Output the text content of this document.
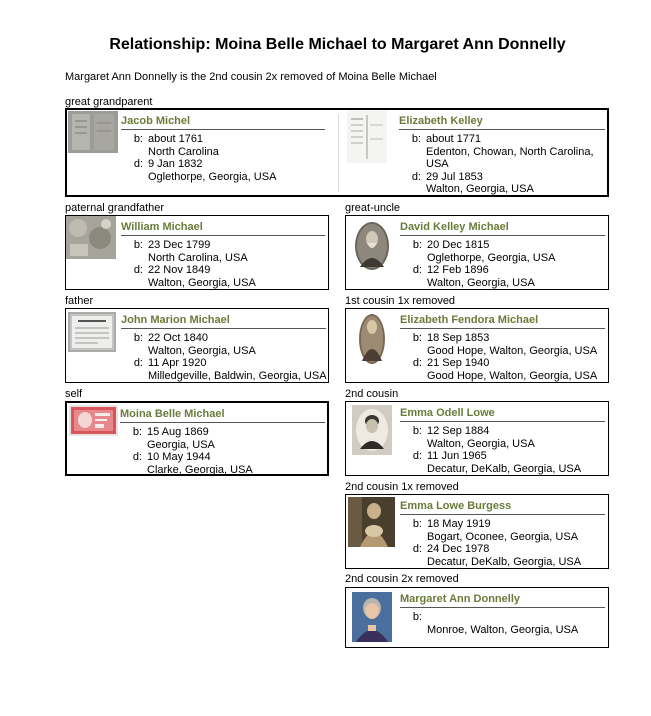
Relationship: Moina Belle Michael to Margaret Ann Donnelly
Margaret Ann Donnelly is the 2nd cousin 2x removed of Moina Belle Michael
great grandparent
Jacob Michel
b: about 1761
North Carolina
d: 9 Jan 1832
Oglethorpe, Georgia, USA
Elizabeth Kelley
b: about 1771
Edenton, Chowan, North Carolina, USA
d: 29 Jul 1853
Walton, Georgia, USA
paternal grandfather	great-uncle
William Michael
b: 23 Dec 1799
North Carolina, USA
d: 22 Nov 1849
Walton, Georgia, USA
David Kelley Michael
b: 20 Dec 1815
Oglethorpe, Georgia, USA
d: 12 Feb 1896
Walton, Georgia, USA
father	1st cousin 1x removed
John Marion Michael
b: 22 Oct 1840
Walton, Georgia, USA
d: 11 Apr 1920
Milledgeville, Baldwin, Georgia, USA
Elizabeth Fendora Michael
b: 18 Sep 1853
Good Hope, Walton, Georgia, USA
d: 21 Sep 1940
Good Hope, Walton, Georgia, USA
self	2nd cousin
Moina Belle Michael
b: 15 Aug 1869
Georgia, USA
d: 10 May 1944
Clarke, Georgia, USA
Emma Odell Lowe
b: 12 Sep 1884
Walton, Georgia, USA
d: 11 Jun 1965
Decatur, DeKalb, Georgia, USA
2nd cousin 1x removed
Emma Lowe Burgess
b: 18 May 1919
Bogart, Oconee, Georgia, USA
d: 24 Dec 1978
Decatur, DeKalb, Georgia, USA
2nd cousin 2x removed
Margaret Ann Donnelly
b:
Monroe, Walton, Georgia, USA
